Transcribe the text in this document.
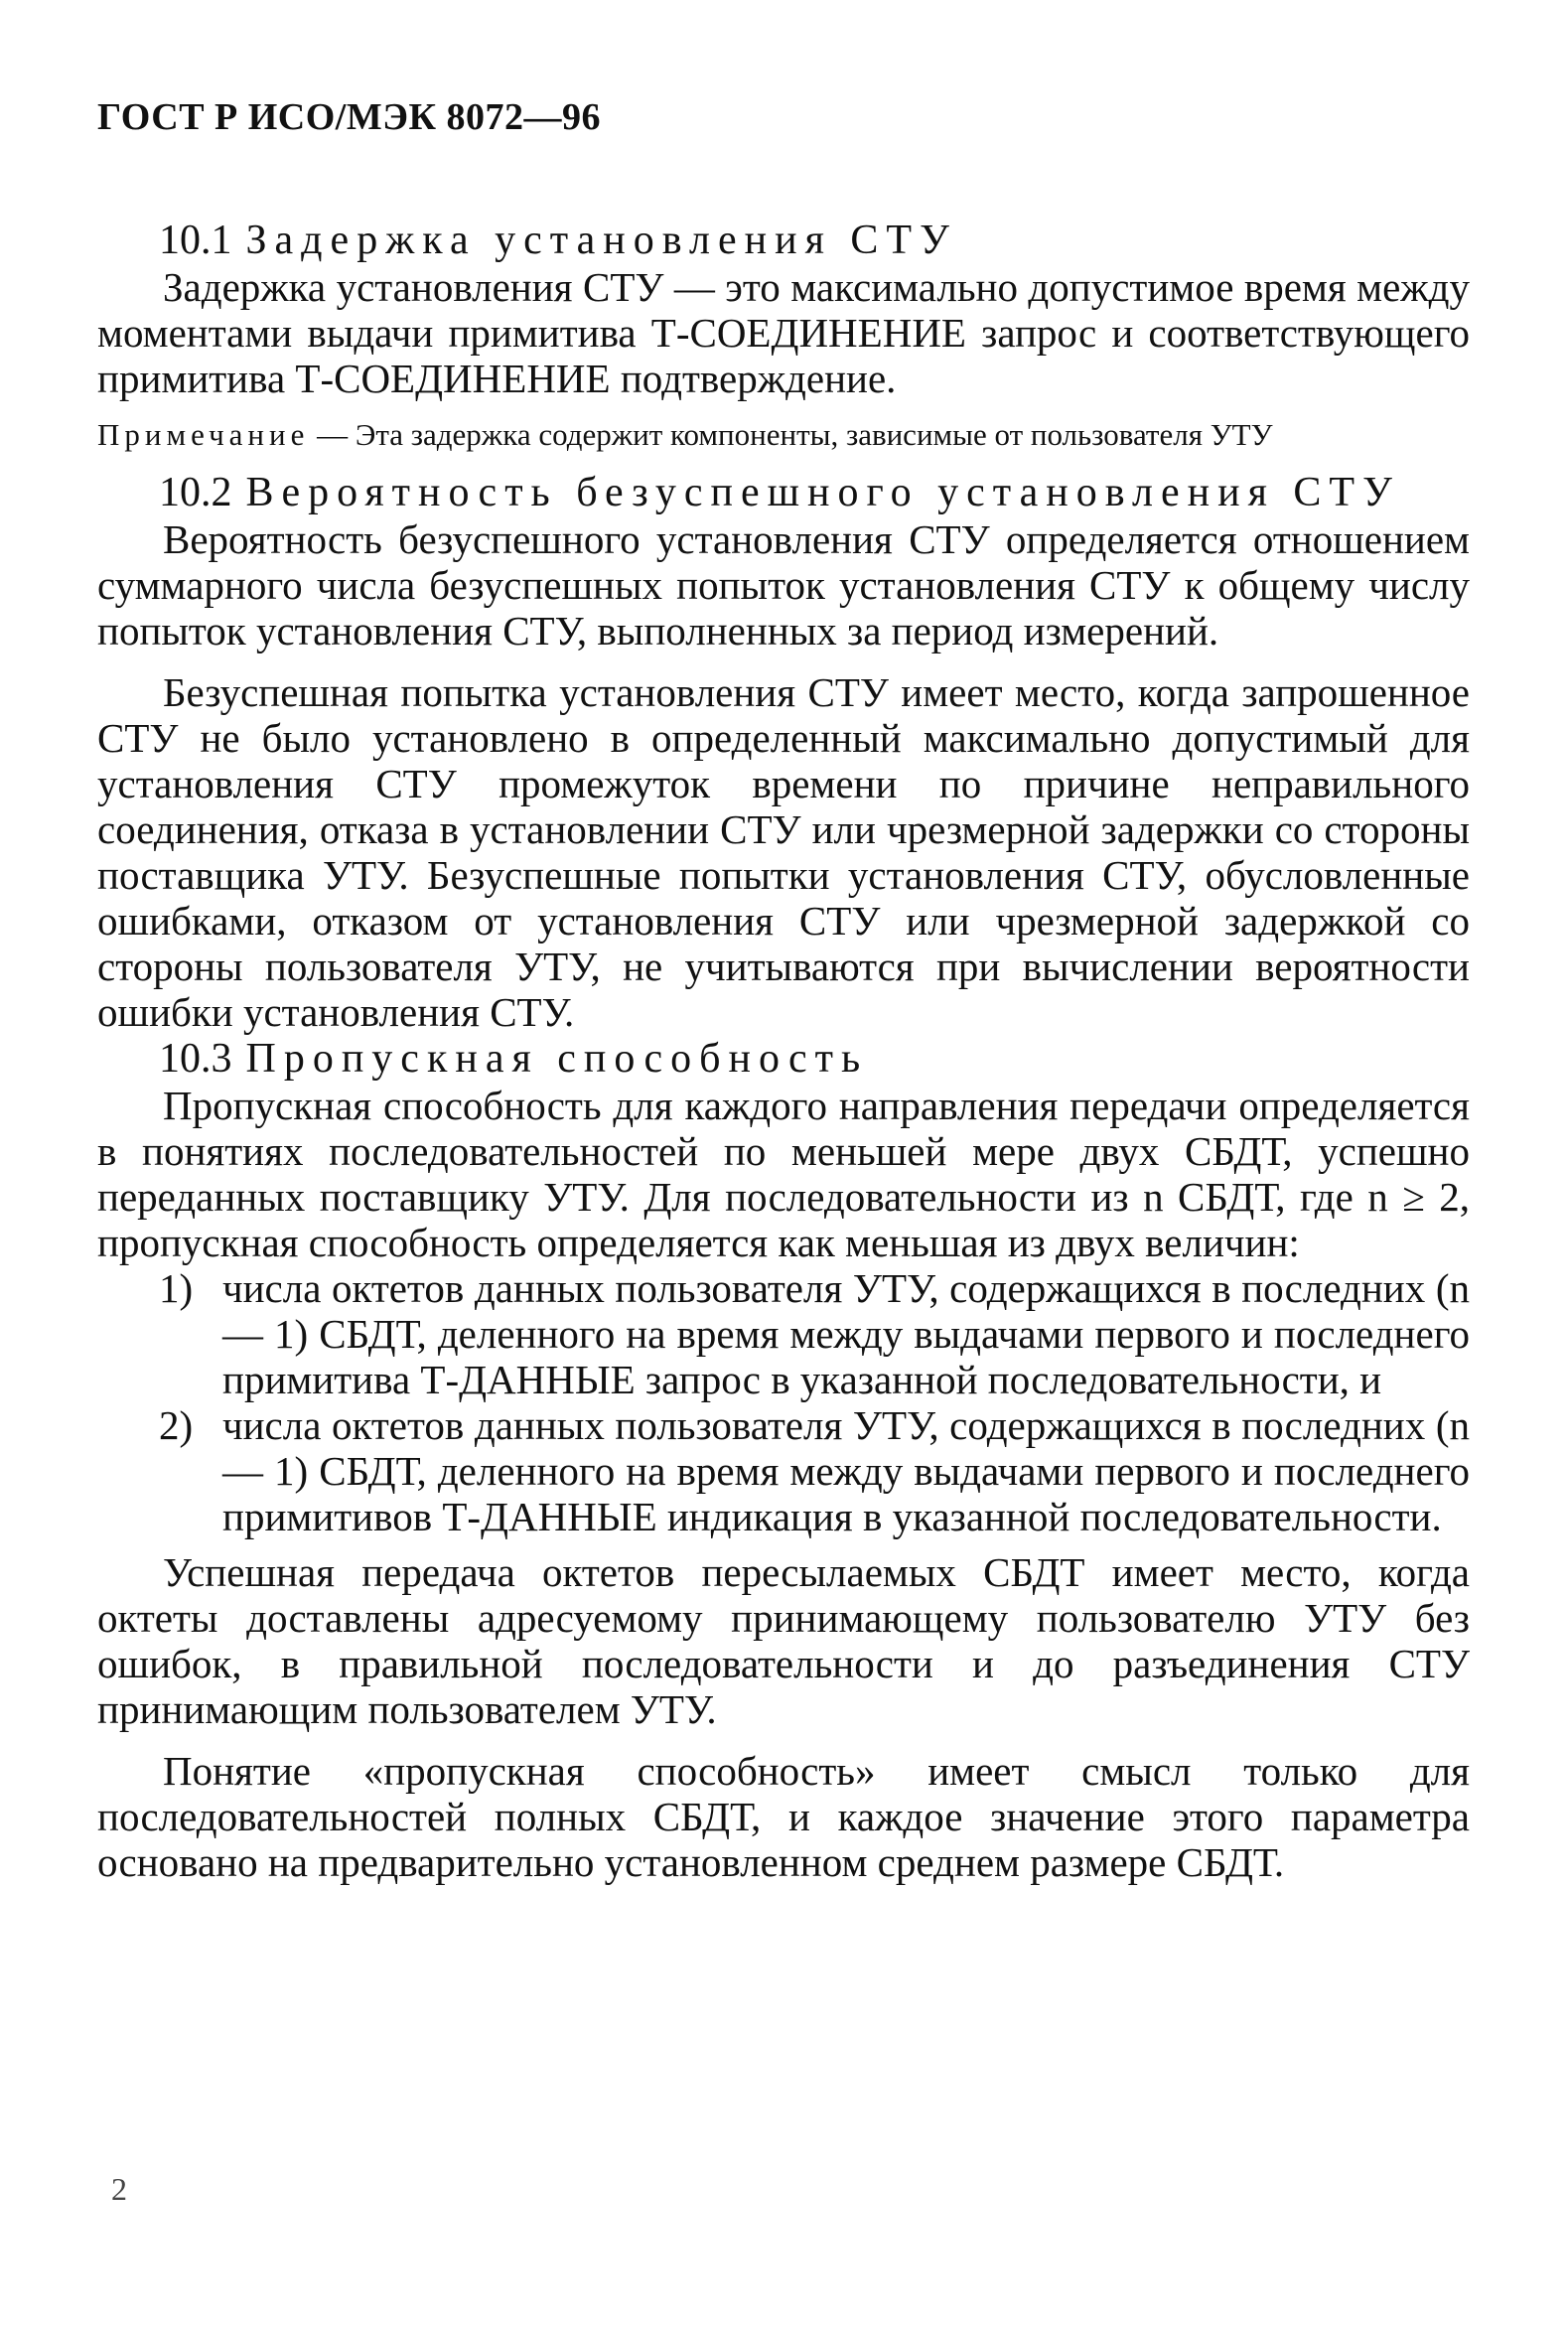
ГОСТ Р ИСО/МЭК 8072—96
10.1 Задержка установления СТУ

Задержка установления СТУ — это максимально допустимое время между моментами выдачи примитива Т-СОЕДИНЕНИЕ запрос и соответствующего примитива Т-СОЕДИНЕНИЕ подтверждение.

Примечание — Эта задержка содержит компоненты, зависимые от пользователя УТУ
10.2 Вероятность безуспешного установления СТУ

Вероятность безуспешного установления СТУ определяется отношением суммарного числа безуспешных попыток установления СТУ к общему числу попыток установления СТУ, выполненных за период измерений.

Безуспешная попытка установления СТУ имеет место, когда запрошенное СТУ не было установлено в определенный максимально допустимый для установления СТУ промежуток времени по причине неправильного соединения, отказа в установлении СТУ или чрезмерной задержки со стороны поставщика УТУ. Безуспешные попытки установления СТУ, обусловленные ошибками, отказом от установления СТУ или чрезмерной задержкой со стороны пользователя УТУ, не учитываются при вычислении вероятности ошибки установления СТУ.

10.3 Пропускная способность

Пропускная способность для каждого направления передачи определяется в понятиях последовательностей по меньшей мере двух СБДТ, успешно переданных поставщику УТУ. Для последовательности из n СБДТ, где n ≥ 2, пропускная способность определяется как меньшая из двух величин:

1) числа октетов данных пользователя УТУ, содержащихся в последних (n — 1) СБДТ, деленного на время между выдачами первого и последнего примитива Т-ДАННЫЕ запрос в указанной последовательности, и
2) числа октетов данных пользователя УТУ, содержащихся в последних (n — 1) СБДТ, деленного на время между выдачами первого и последнего примитивов Т-ДАННЫЕ индикация в указанной последовательности.

Успешная передача октетов пересылаемых СБДТ имеет место, когда октеты доставлены адресуемому принимающему пользователю УТУ без ошибок, в правильной последовательности и до разъединения СТУ принимающим пользователем УТУ.

Понятие «пропускная способность» имеет смысл только для последовательностей полных СБДТ, и каждое значение этого параметра основано на предварительно установленном среднем размере СБДТ.

2
